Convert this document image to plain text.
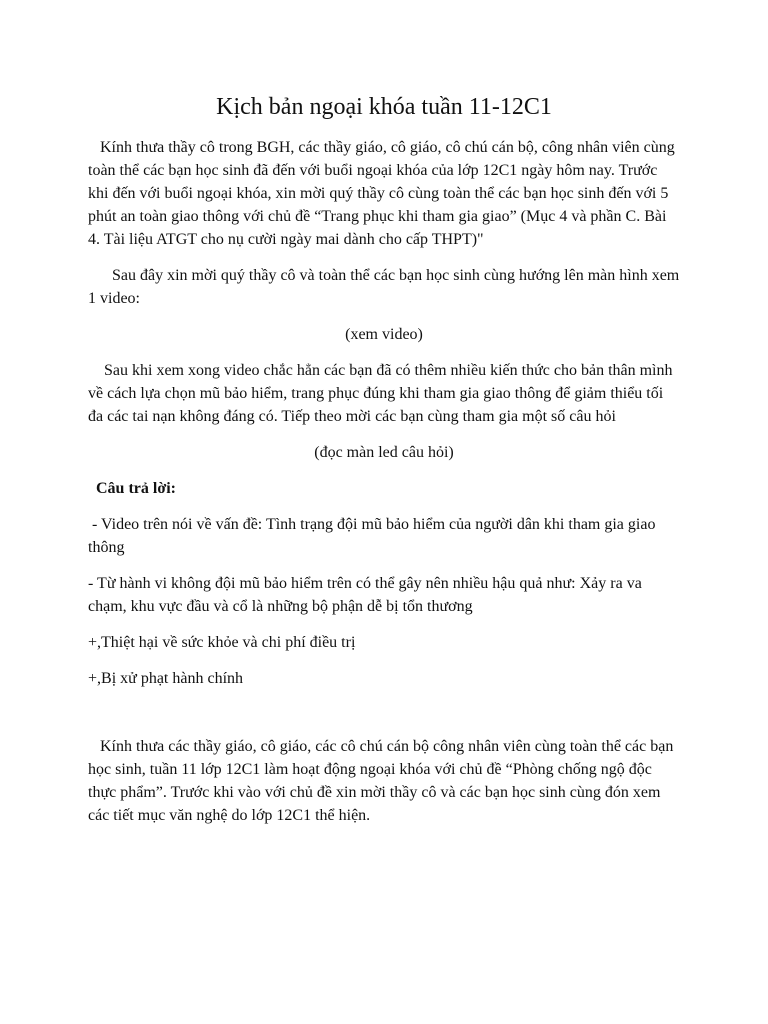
Kịch bản ngoại khóa tuần 11-12C1

Kính thưa thầy cô trong BGH, các thầy giáo, cô giáo, cô chú cán bộ, công nhân viên cùng toàn thể các bạn học sinh đã đến với buổi ngoại khóa của lớp 12C1 ngày hôm nay. Trước khi đến với buổi ngoại khóa, xin mời quý thầy cô cùng toàn thể các bạn học sinh đến với 5 phút an toàn giao thông với chủ đề “Trang phục khi tham gia giao” (Mục 4 và phần C. Bài 4. Tài liệu ATGT cho nụ cười ngày mai dành cho cấp THPT)"

Sau đây xin mời quý thầy cô và toàn thể các bạn học sinh cùng hướng lên màn hình xem 1 video:

(xem video)

Sau khi xem xong video chắc hẳn các bạn đã có thêm nhiều kiến thức cho bản thân mình về cách lựa chọn mũ bảo hiểm, trang phục đúng khi tham gia giao thông để giảm thiểu tối đa các tai nạn không đáng có. Tiếp theo mời các bạn cùng tham gia một số câu hỏi

(đọc màn led câu hỏi)

Câu trả lời:

- Video trên nói về vấn đề: Tình trạng đội mũ bảo hiểm của người dân khi tham gia giao thông

- Từ hành vi không đội mũ bảo hiểm trên có thể gây nên nhiều hậu quả như: Xảy ra va chạm, khu vực đầu và cổ là những bộ phận dễ bị tổn thương

+,Thiệt hại về sức khỏe và chi phí điều trị

+,Bị xử phạt hành chính

Kính thưa các thầy giáo, cô giáo, các cô chú cán bộ công nhân viên cùng toàn thể các bạn học sinh, tuần 11 lớp 12C1 làm hoạt động ngoại khóa với chủ đề “Phòng chống ngộ độc thực phẩm”. Trước khi vào với chủ đề xin mời thầy cô và các bạn học sinh cùng đón xem các tiết mục văn nghệ do lớp 12C1 thể hiện.
